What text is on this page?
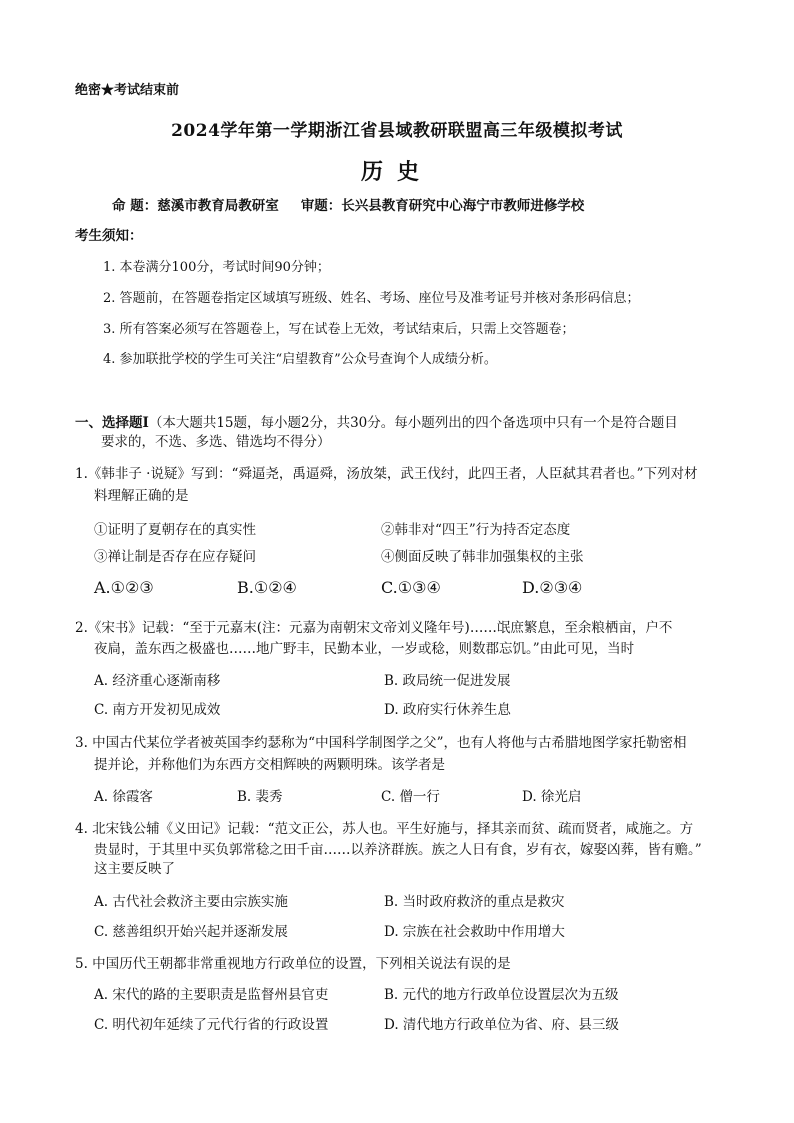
绝密★考试结束前
2024学年第一学期浙江省县域教研联盟高三年级模拟考试
历史
命 题：慈溪市教育局教研室 审题：长兴县教育研究中心海宁市教师进修学校
考生须知：
1. 本卷满分100分，考试时间90分钟；
2. 答题前，在答题卷指定区域填写班级、姓名、考场、座位号及准考证号并核对条形码信息；
3. 所有答案必须写在答题卷上，写在试卷上无效，考试结束后，只需上交答题卷；
4. 参加联批学校的学生可关注“启望教育”公众号查询个人成绩分析。
一、选择题Ⅰ（本大题共15题，每小题2分，共30分。每小题列出的四个备选项中只有一个是符合题目
要求的，不选、多选、错选均不得分）
1.《韩非子 ·说疑》写到：“舜逼尧，禹逼舜，汤放桀，武王伐纣，此四王者，人臣弑其君者也。”下列对材
料理解正确的是
①证明了夏朝存在的真实性	②韩非对“四王”行为持否定态度
③禅让制是否存在应存疑问	④侧面反映了韩非加强集权的主张
A.①②③	B.①②④	C.①③④	D.②③④
2.《宋书》记载：“至于元嘉末(注：元嘉为南朝宋文帝刘义隆年号)……氓庶繁息，至余粮栖亩，户不
夜扃，盖东西之极盛也……地广野丰，民勤本业，一岁或稔，则数郡忘饥。”由此可见，当时
A. 经济重心逐渐南移	B. 政局统一促进发展
C. 南方开发初见成效	D. 政府实行休养生息
3. 中国古代某位学者被英国李约瑟称为“中国科学制图学之父”，也有人将他与古希腊地图学家托勒密相
提并论，并称他们为东西方交相辉映的两颗明珠。该学者是
A. 徐霞客	B. 裴秀	C. 僧一行	D. 徐光启
4. 北宋钱公辅《义田记》记载：“范文正公，苏人也。平生好施与，择其亲而贫、疏而贤者，咸施之。方
贵显时，于其里中买负郭常稔之田千亩……以养济群族。族之人日有食，岁有衣，嫁娶凶葬，皆有赡。”
这主要反映了
A. 古代社会救济主要由宗族实施	B. 当时政府救济的重点是救灾
C. 慈善组织开始兴起并逐渐发展	D. 宗族在社会救助中作用增大
5. 中国历代王朝都非常重视地方行政单位的设置，下列相关说法有误的是
A. 宋代的路的主要职责是监督州县官吏	B. 元代的地方行政单位设置层次为五级
C. 明代初年延续了元代行省的行政设置	D. 清代地方行政单位为省、府、县三级
